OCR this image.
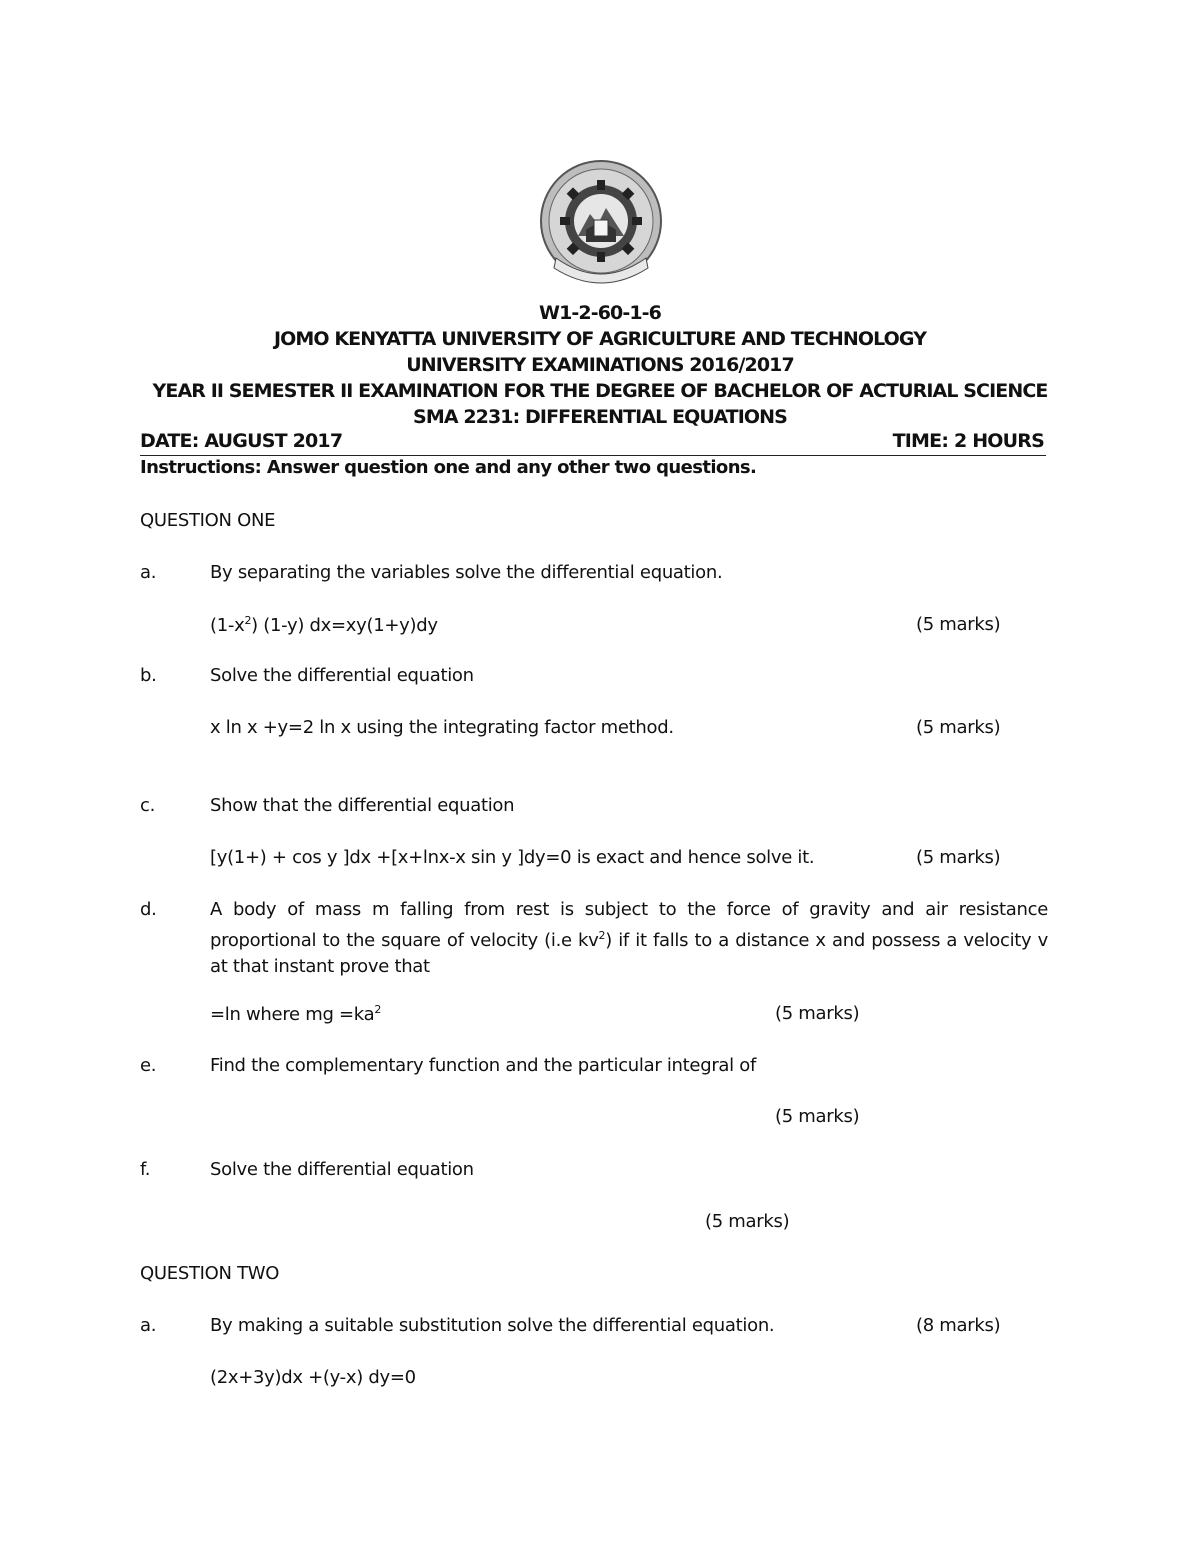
W1-2-60-1-6
JOMO KENYATTA UNIVERSITY OF AGRICULTURE AND TECHNOLOGY
UNIVERSITY EXAMINATIONS 2016/2017
YEAR II SEMESTER II EXAMINATION FOR THE DEGREE OF BACHELOR OF ACTURIAL SCIENCE
SMA 2231: DIFFERENTIAL EQUATIONS
DATE: AUGUST 2017	TIME: 2 HOURS
Instructions: Answer question one and any other two questions.
QUESTION ONE
a.	By separating the variables solve the differential equation.
$(1-x^2)$ (1-y) dx=xy(1+y)dy	(5 marks)
b.	Solve the differential equation
x ln x +y=2 ln x using the integrating factor method.	(5 marks)
c.	Show that the differential equation
[y(1+) + cos y ]dx +[x+lnx-x sin y ]dy=0 is exact and hence solve it.	(5 marks)
d.	A body of mass m falling from rest is subject to the force of gravity and air resistance proportional to the square of velocity (i.e $kv^2$) if it falls to a distance x and possess a velocity v at that instant prove that
=ln where mg $=ka^2$	(5 marks)
e.	Find the complementary function and the particular integral of
(5 marks)
f.	Solve the differential equation
(5 marks)
QUESTION TWO
a.	By making a suitable substitution solve the differential equation.	(8 marks)
(2x+3y)dx +(y-x) dy=0
